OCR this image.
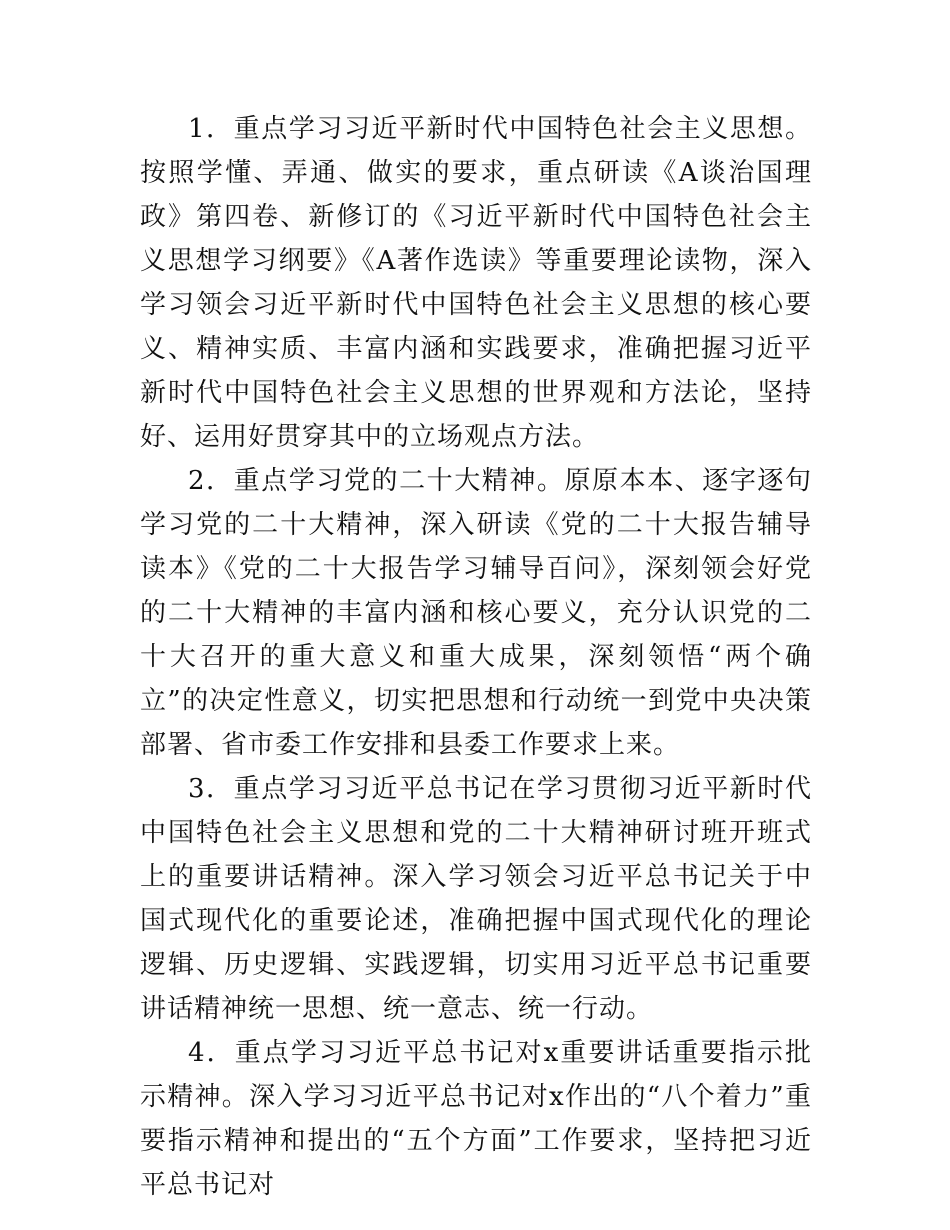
1．重点学习习近平新时代中国特色社会主义思想。按照学懂、弄通、做实的要求，重点研读《A谈治国理政》第四卷、新修订的《习近平新时代中国特色社会主义思想学习纲要》《A著作选读》等重要理论读物，深入学习领会习近平新时代中国特色社会主义思想的核心要义、精神实质、丰富内涵和实践要求，准确把握习近平新时代中国特色社会主义思想的世界观和方法论，坚持好、运用好贯穿其中的立场观点方法。

2．重点学习党的二十大精神。原原本本、逐字逐句学习党的二十大精神，深入研读《党的二十大报告辅导读本》《党的二十大报告学习辅导百问》，深刻领会好党的二十大精神的丰富内涵和核心要义，充分认识党的二十大召开的重大意义和重大成果，深刻领悟“两个确立”的决定性意义，切实把思想和行动统一到党中央决策部署、省市委工作安排和县委工作要求上来。

3．重点学习习近平总书记在学习贯彻习近平新时代中国特色社会主义思想和党的二十大精神研讨班开班式上的重要讲话精神。深入学习领会习近平总书记关于中国式现代化的重要论述，准确把握中国式现代化的理论逻辑、历史逻辑、实践逻辑，切实用习近平总书记重要讲话精神统一思想、统一意志、统一行动。

4．重点学习习近平总书记对x重要讲话重要指示批示精神。深入学习习近平总书记对x作出的“八个着力”重要指示精神和提出的“五个方面”工作要求，坚持把习近平总书记对
